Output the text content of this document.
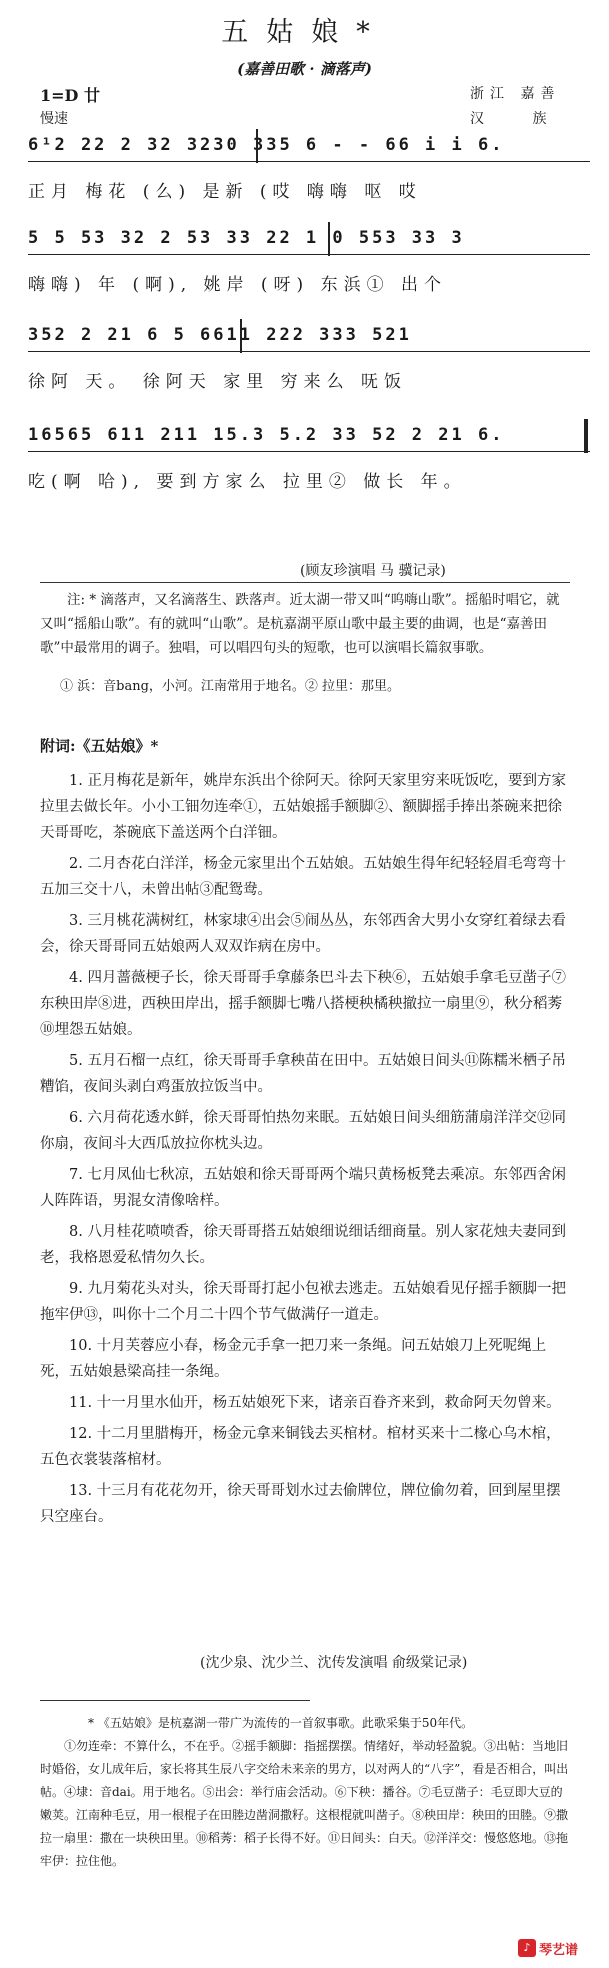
五姑娘*
(嘉善田歌 · 滴落声)
1=D 廿
慢速
浙江 嘉善
汉 族
6¹2 22 2 32 3230 335 6 - - 66 i i 6.
正月 梅花 (么) 是新 (哎 嗨嗨 呕 哎
5 5 53 32 2 53 33 22 1 0 553 33 3
嗨嗨) 年 (啊), 姚岸 (呀) 东浜① 出个
352 2 21 6 5 6611 222 333 521
徐阿 天。 徐阿天 家里 穷来么 呒饭
16565 611 211 15.3 5.2 33 52 2 21 6.
吃(啊 哈), 要到方家么 拉里② 做长 年。
(顾友珍演唱 马 骥记录)

注: * 滴落声，又名滴落生、跌落声。近太湖一带又叫“呜嗨山歌”。摇船时唱它，就又叫“摇船山歌”。有的就叫“山歌”。是杭嘉湖平原山歌中最主要的曲调，也是“嘉善田歌”中最常用的调子。独唱，可以唱四句头的短歌，也可以演唱长篇叙事歌。

① 浜：音bang，小河。江南常用于地名。② 拉里：那里。
附词:《五姑娘》*

1. 正月梅花是新年，姚岸东浜出个徐阿天。徐阿天家里穷来呒饭吃，要到方家拉里去做长年。小小工钿勿连牵①，五姑娘摇手额脚②、额脚摇手捧出茶碗来把徐天哥哥吃，茶碗底下盖送两个白洋钿。

2. 二月杏花白洋洋，杨金元家里出个五姑娘。五姑娘生得年纪轻轻眉毛弯弯十五加三交十八，未曾出帖③配鸳鸯。

3. 三月桃花满树红，林家埭④出会⑤闹丛丛，东邻西舍大男小女穿红着绿去看会，徐天哥哥同五姑娘两人双双诈病在房中。

4. 四月蔷薇梗子长，徐天哥哥手拿藤条巴斗去下秧⑥，五姑娘手拿毛豆凿子⑦东秧田岸⑧进，西秧田岸出，摇手额脚七嘴八搭梗秧橘秧撤拉一扇里⑨，秋分稻莠⑩埋怨五姑娘。

5. 五月石榴一点红，徐天哥哥手拿秧苗在田中。五姑娘日间头⑪陈糯米栖子吊糟馅，夜间头剥白鸡蛋放拉饭当中。

6. 六月荷花透水鲜，徐天哥哥怕热勿来眠。五姑娘日间头细筋蒲扇洋洋交⑫同你扇，夜间斗大西瓜放拉你枕头边。

7. 七月凤仙七秋凉，五姑娘和徐天哥哥两个端只黄杨板凳去乘凉。东邻西舍闲人阵阵语，男混女清像啥样。

8. 八月桂花喷喷香，徐天哥哥搭五姑娘细说细话细商量。别人家花烛夫妻同到老，我格恩爱私情勿久长。

9. 九月菊花头对头，徐天哥哥打起小包袱去逃走。五姑娘看见仔摇手额脚一把拖牢伊⑬，叫你十二个月二十四个节气做满仔一道走。

10. 十月芙蓉应小春，杨金元手拿一把刀来一条绳。问五姑娘刀上死呢绳上死，五姑娘悬梁高挂一条绳。

11. 十一月里水仙开，杨五姑娘死下来，诸亲百眷齐来到，救命阿天勿曾来。

12. 十二月里腊梅开，杨金元拿来铜钱去买棺材。棺材买来十二椽心乌木棺，五色衣裳装落棺材。

13. 十三月有花花勿开，徐天哥哥划水过去偷牌位，牌位偷勿着，回到屋里摆只空座台。

(沈少泉、沈少兰、沈传发演唱 俞级棠记录)

* 《五姑娘》是杭嘉湖一带广为流传的一首叙事歌。此歌采集于50年代。

①勿连牵：不算什么，不在乎。②摇手额脚：指摇摆摆。情绪好，举动轻盈貌。③出帖：当地旧时婚俗，女儿成年后，家长将其生辰八字交给未来亲的男方，以对两人的“八字”，看是否相合，叫出帖。④埭：音dai。用于地名。⑤出会：举行庙会活动。⑥下秧：播谷。⑦毛豆凿子：毛豆即大豆的嫩荚。江南种毛豆，用一根棍子在田塍边凿洞撒籽。这根棍就叫凿子。⑧秧田岸：秧田的田塍。⑨撒拉一扇里：撒在一块秧田里。⑩稻莠：稻子长得不好。⑪日间头：白天。⑫洋洋交：慢悠悠地。⑬拖牢伊：拉住他。

♪ 琴艺谱
